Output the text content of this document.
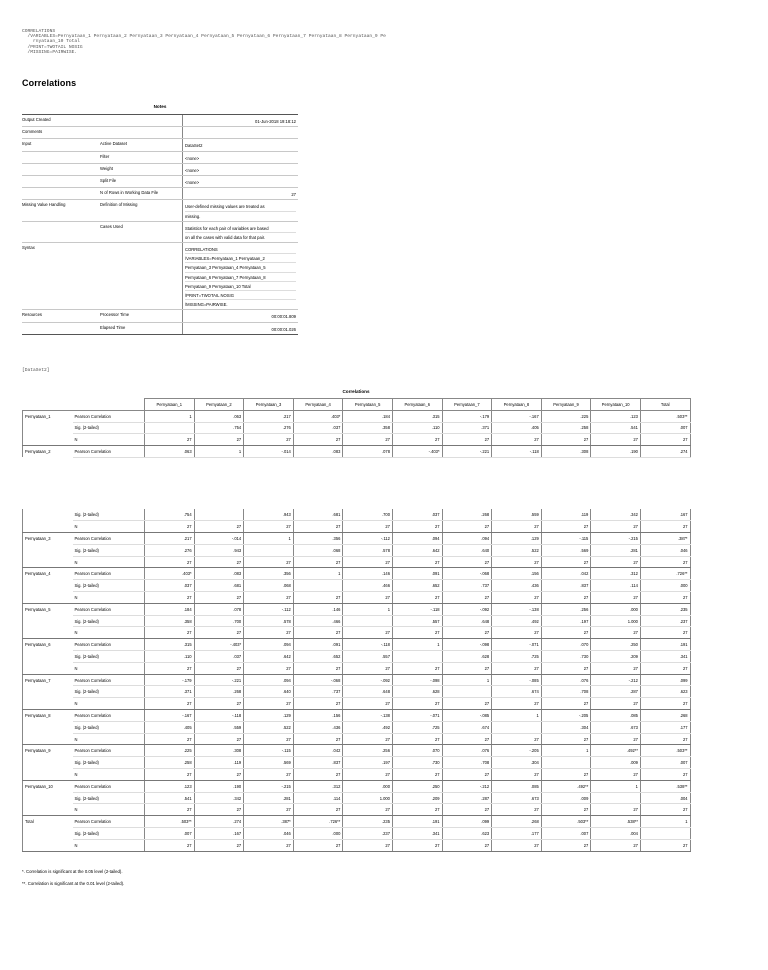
CORRELATIONS
/VARIABLES=Pernyataan_1 Pernyataan_2 Pernyataan_3 Pernyataan_4 Pernyataan_5 Pernyataan_6 Pernyataan_7 Pernyataan_8 Pernyataan_9 Pe
rnyataan_10 Total
/PRINT=TWOTAIL NOSIG
/MISSING=PAIRWISE.
Correlations
Notes
Output Created	01-Jun-2018 19:18:12
Comments
Input	Active Dataset	DataSet2
Filter	<none>
Weight	<none>
Split File	<none>
N of Rows in Working Data File	27
Missing Value Handling	Definition of Missing	User-defined missing values are treated as
missing.
Cases Used	Statistics for each pair of variables are based
on all the cases with valid data for that pair.
Syntax	CORRELATIONS
/VARIABLES=Pernyataan_1 Pernyataan_2
Pernyataan_3 Pernyataan_4 Pernyataan_5
Pernyataan_6 Pernyataan_7 Pernyataan_8
Pernyataan_9 Pernyataan_10 Total
/PRINT=TWOTAIL NOSIG
/MISSING=PAIRWISE.
Resources	Processor Time	00:00:01.809
Elapsed Time	00:00:01.026
[DataSet2]
Correlations
		Pernyataan_1	Pernyataan_2	Pernyataan_3	Pernyataan_4	Pernyataan_5	Pernyataan_6	Pernyataan_7	Pernyataan_8	Pernyataan_9	Pernyataan_10	Total
Pernyataan_1	Pearson Correlation	1	.063	.217	.403*	.184	.315	-.179	-.167	.225	.123	.503**
	Sig. (2-tailed)		.754	.276	.037	.358	.110	.371	.405	.258	.541	.007
	N	27	27	27	27	27	27	27	27	27	27	27
Pernyataan_2	Pearson Correlation	.063	1	-.014	.083	.078	-.403*	-.221	-.118	.308	.190	.274
	Sig. (2-tailed)	.754		.943	.681	.700	.037	.268	.559	.119	.342	.167
	N	27	27	27	27	27	27	27	27	27	27	27
Pernyataan_3	Pearson Correlation	.217	-.014	1	.356	-.112	.094	.094	.129	-.115	-.215	.387*
	Sig. (2-tailed)	.276	.943		.068	.578	.642	.640	.522	.569	.281	.046
	N	27	27	27	27	27	27	27	27	27	27	27
Pernyataan_4	Pearson Correlation	.403*	.083	.356	1	.146	.091	-.068	.156	.042	.312	.726**
	Sig. (2-tailed)	.037	.681	.068		.466	.652	.737	.436	.837	.114	.000
	N	27	27	27	27	27	27	27	27	27	27	27
Pernyataan_5	Pearson Correlation	.184	.078	-.112	.146	1	-.118	-.092	-.138	.256	.000	.235
	Sig. (2-tailed)	.358	.700	.578	.466		.557	.648	.492	.197	1.000	.237
	N	27	27	27	27	27	27	27	27	27	27	27
Pernyataan_6	Pearson Correlation	.315	-.403*	.094	.091	-.118	1	-.098	-.071	.070	.250	.191
	Sig. (2-tailed)	.110	.037	.642	.652	.557		.628	.725	.730	.209	.341
	N	27	27	27	27	27	27	27	27	27	27	27
Pernyataan_7	Pearson Correlation	-.179	-.221	.094	-.068	-.092	-.098	1	-.085	.076	-.212	.099
	Sig. (2-tailed)	.371	.268	.640	.737	.648	.628		.674	.708	.287	.623
	N	27	27	27	27	27	27	27	27	27	27	27
Pernyataan_8	Pearson Correlation	-.167	-.118	.129	.156	-.138	-.071	-.085	1	-.205	.085	.268
	Sig. (2-tailed)	.405	.559	.522	.436	.492	.725	.674		.304	.673	.177
	N	27	27	27	27	27	27	27	27	27	27	27
Pernyataan_9	Pearson Correlation	.225	.308	-.115	.042	.256	.070	.076	-.205	1	.492**	.503**
	Sig. (2-tailed)	.258	.119	.569	.837	.197	.730	.708	.304		.009	.007
	N	27	27	27	27	27	27	27	27	27	27	27
Pernyataan_10	Pearson Correlation	.123	.190	-.215	.312	.000	.250	-.212	.085	.492**	1	.538**
	Sig. (2-tailed)	.541	.342	.281	.114	1.000	.209	.287	.673	.009		.004
	N	27	27	27	27	27	27	27	27	27	27	27
Total	Pearson Correlation	.503**	.274	.387*	.726**	.235	.191	.099	.268	.503**	.538**	1
	Sig. (2-tailed)	.007	.167	.046	.000	.237	.341	.623	.177	.007	.004	
	N	27	27	27	27	27	27	27	27	27	27	27
*. Correlation is significant at the 0.05 level (2-tailed).
**. Correlation is significant at the 0.01 level (2-tailed).
